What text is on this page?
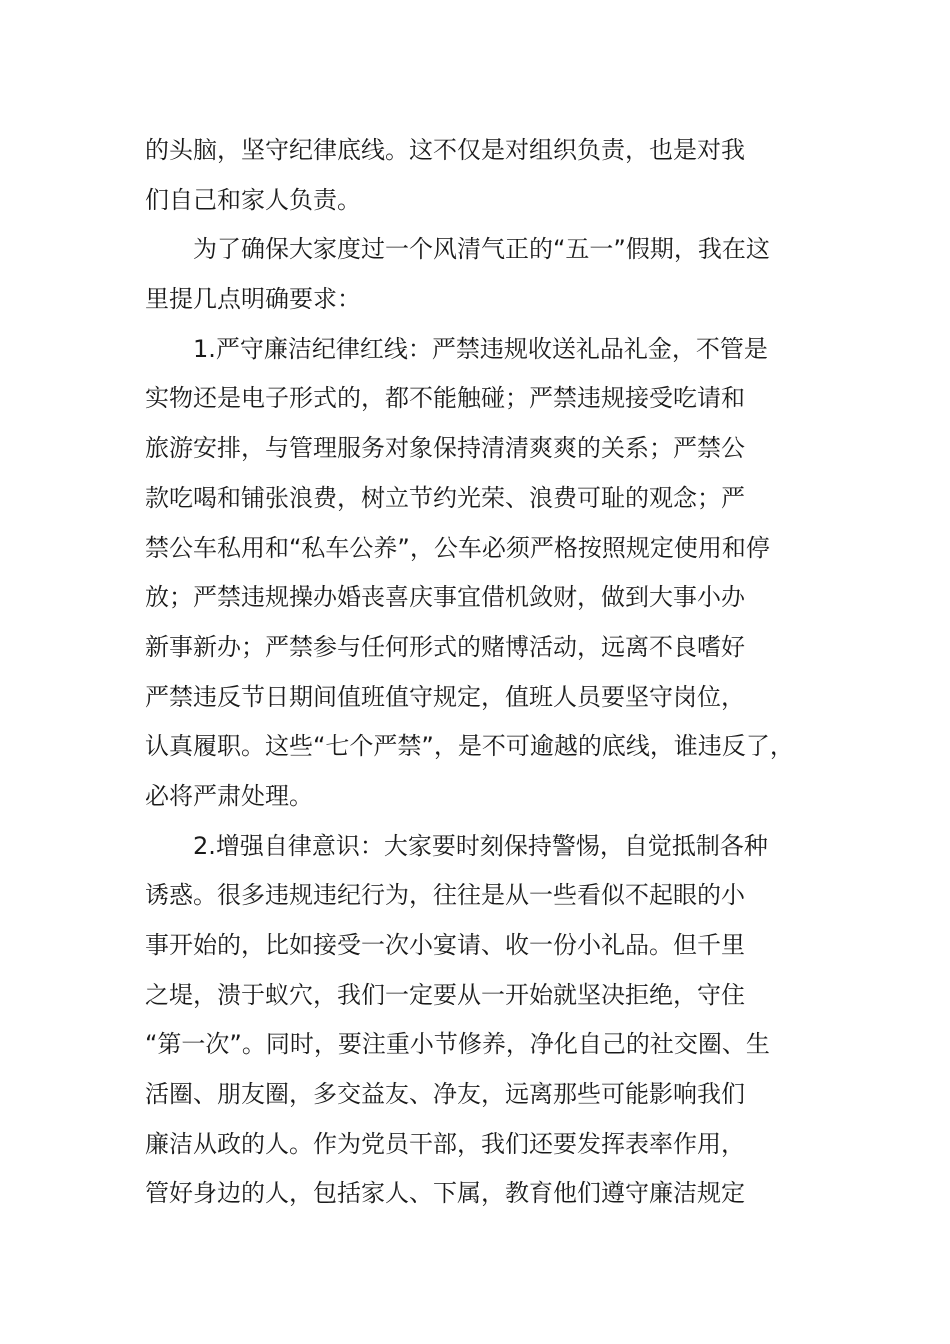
的头脑，坚守纪律底线。这不仅是对组织负责，也是对我
们自己和家人负责。
为了确保大家度过一个风清气正的“五一”假期，我在这
里提几点明确要求：
1.严守廉洁纪律红线：严禁违规收送礼品礼金，不管是
实物还是电子形式的，都不能触碰；严禁违规接受吃请和
旅游安排，与管理服务对象保持清清爽爽的关系；严禁公
款吃喝和铺张浪费，树立节约光荣、浪费可耻的观念；严
禁公车私用和“私车公养”，公车必须严格按照规定使用和停
放；严禁违规操办婚丧喜庆事宜借机敛财，做到大事小办
新事新办；严禁参与任何形式的赌博活动，远离不良嗜好
严禁违反节日期间值班值守规定，值班人员要坚守岗位，
认真履职。这些“七个严禁”，是不可逾越的底线，谁违反了，
必将严肃处理。
2.增强自律意识：大家要时刻保持警惕，自觉抵制各种
诱惑。很多违规违纪行为，往往是从一些看似不起眼的小
事开始的，比如接受一次小宴请、收一份小礼品。但千里
之堤，溃于蚁穴，我们一定要从一开始就坚决拒绝，守住
“第一次”。同时，要注重小节修养，净化自己的社交圈、生
活圈、朋友圈，多交益友、净友，远离那些可能影响我们
廉洁从政的人。作为党员干部，我们还要发挥表率作用，
管好身边的人，包括家人、下属，教育他们遵守廉洁规定
